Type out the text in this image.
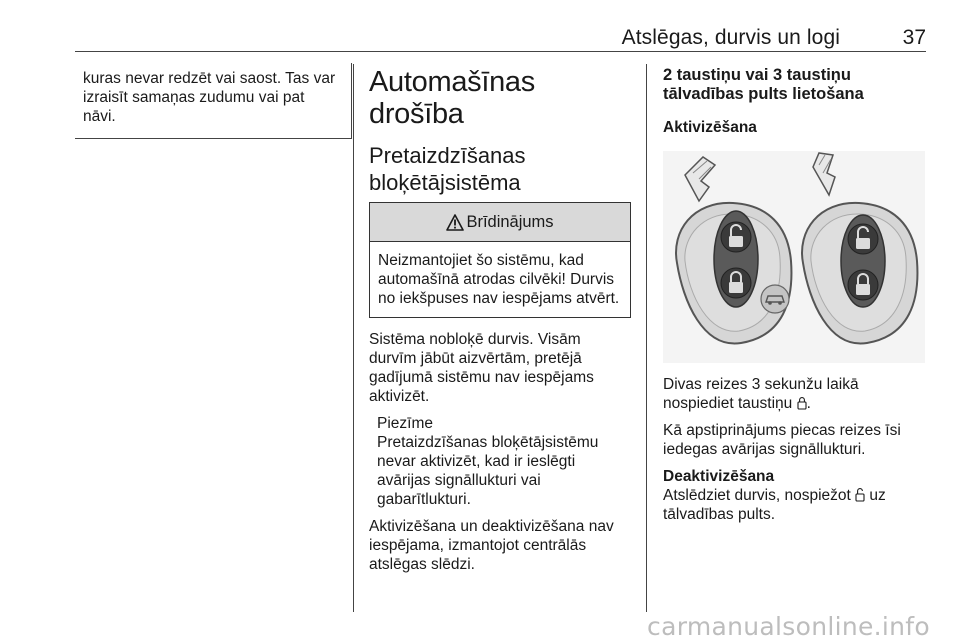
Atslēgas, durvis un logi	37

kuras nevar redzēt vai saost. Tas var izraisīt samaņas zudumu vai pat nāvi.

Automašīnas drošība
Pretaizdzīšanas bloķētājsistēma
Brīdinājums
Neizmantojiet šo sistēmu, kad automašīnā atrodas cilvēki! Durvis no iekšpuses nav iespējams atvērt.

Sistēma nobloķē durvis. Visām durvīm jābūt aizvērtām, pretējā gadījumā sistēmu nav iespējams aktivizēt.

Piezīme
Pretaizdzīšanas bloķētājsistēmu nevar aktivizēt, kad ir ieslēgti avārijas signāllukturi vai gabarītlukturi.

Aktivizēšana un deaktivizēšana nav iespējama, izmantojot centrālās atslēgas slēdzi.

2 taustiņu vai 3 taustiņu tālvadības pults lietošana
Aktivizēšana

Divas reizes 3 sekunžu laikā nospiediet taustiņu .

Kā apstiprinājums piecas reizes īsi iedegas avārijas signāllukturi.

Deaktivizēšana

Atslēdziet durvis, nospiežot  uz tālvadības pults.

carmanualsonline.info
